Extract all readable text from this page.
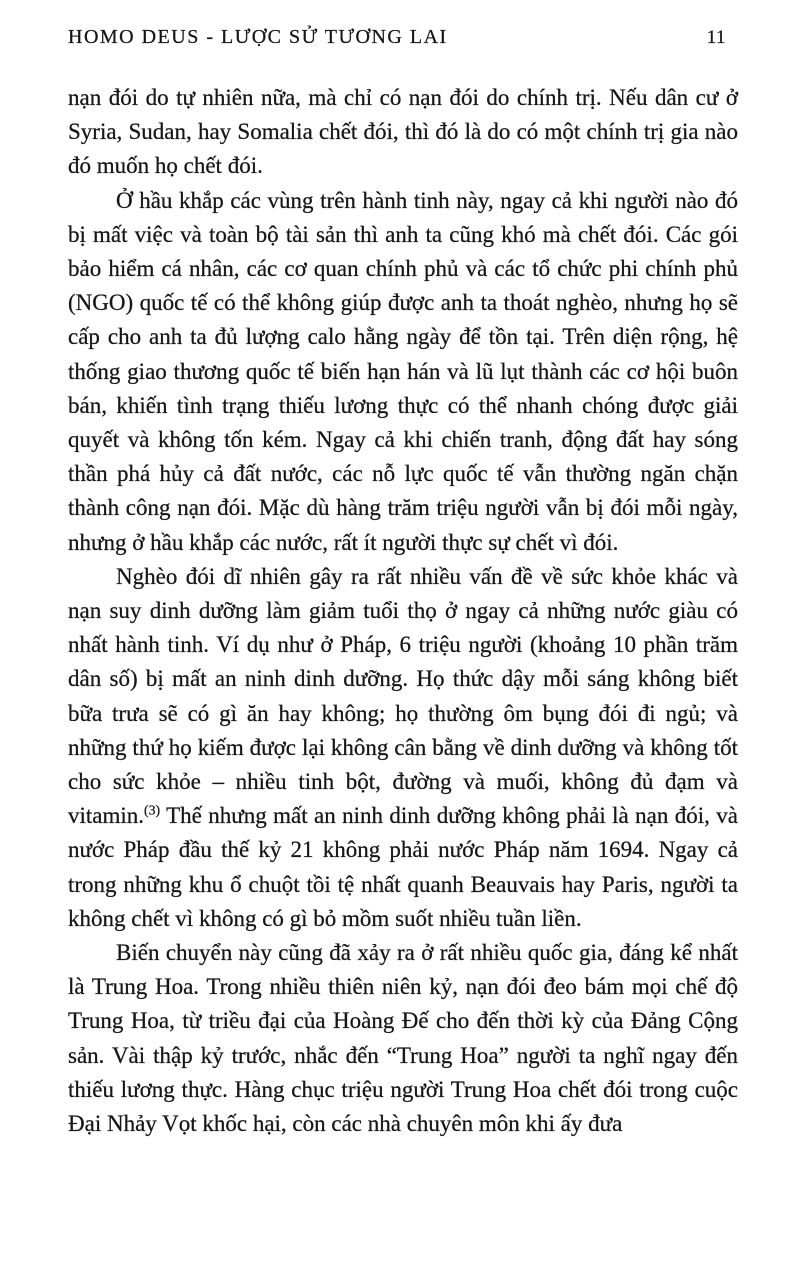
HOMO DEUS - LƯỢC SỬ TƯƠNG LAI	11

nạn đói do tự nhiên nữa, mà chỉ có nạn đói do chính trị. Nếu dân cư ở Syria, Sudan, hay Somalia chết đói, thì đó là do có một chính trị gia nào đó muốn họ chết đói.

Ở hầu khắp các vùng trên hành tinh này, ngay cả khi người nào đó bị mất việc và toàn bộ tài sản thì anh ta cũng khó mà chết đói. Các gói bảo hiểm cá nhân, các cơ quan chính phủ và các tổ chức phi chính phủ (NGO) quốc tế có thể không giúp được anh ta thoát nghèo, nhưng họ sẽ cấp cho anh ta đủ lượng calo hằng ngày để tồn tại. Trên diện rộng, hệ thống giao thương quốc tế biến hạn hán và lũ lụt thành các cơ hội buôn bán, khiến tình trạng thiếu lương thực có thể nhanh chóng được giải quyết và không tốn kém. Ngay cả khi chiến tranh, động đất hay sóng thần phá hủy cả đất nước, các nỗ lực quốc tế vẫn thường ngăn chặn thành công nạn đói. Mặc dù hàng trăm triệu người vẫn bị đói mỗi ngày, nhưng ở hầu khắp các nước, rất ít người thực sự chết vì đói.

Nghèo đói dĩ nhiên gây ra rất nhiều vấn đề về sức khỏe khác và nạn suy dinh dưỡng làm giảm tuổi thọ ở ngay cả những nước giàu có nhất hành tinh. Ví dụ như ở Pháp, 6 triệu người (khoảng 10 phần trăm dân số) bị mất an ninh dinh dưỡng. Họ thức dậy mỗi sáng không biết bữa trưa sẽ có gì ăn hay không; họ thường ôm bụng đói đi ngủ; và những thứ họ kiếm được lại không cân bằng về dinh dưỡng và không tốt cho sức khỏe – nhiều tinh bột, đường và muối, không đủ đạm và vitamin.$^{(3)}$ Thế nhưng mất an ninh dinh dưỡng không phải là nạn đói, và nước Pháp đầu thế kỷ 21 không phải nước Pháp năm 1694. Ngay cả trong những khu ổ chuột tồi tệ nhất quanh Beauvais hay Paris, người ta không chết vì không có gì bỏ mồm suốt nhiều tuần liền.

Biến chuyển này cũng đã xảy ra ở rất nhiều quốc gia, đáng kể nhất là Trung Hoa. Trong nhiều thiên niên kỷ, nạn đói đeo bám mọi chế độ Trung Hoa, từ triều đại của Hoàng Đế cho đến thời kỳ của Đảng Cộng sản. Vài thập kỷ trước, nhắc đến “Trung Hoa” người ta nghĩ ngay đến thiếu lương thực. Hàng chục triệu người Trung Hoa chết đói trong cuộc Đại Nhảy Vọt khốc hại, còn các nhà chuyên môn khi ấy đưa
